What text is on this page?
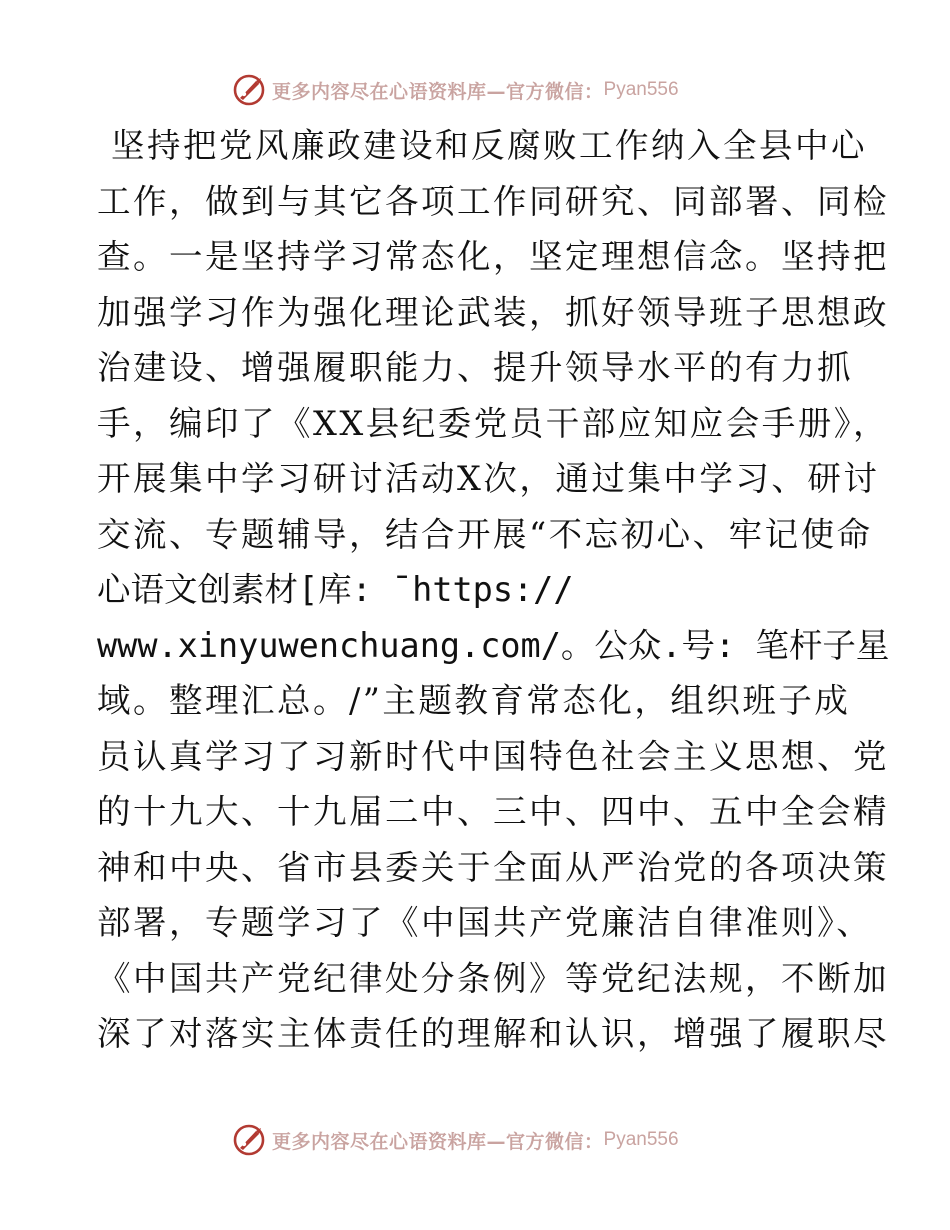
更多内容尽在心语资料库—官方微信： Pyan556
坚持把党风廉政建设和反腐败工作纳入全县中心
工作，做到与其它各项工作同研究、同部署、同检
查。一是坚持学习常态化，坚定理想信念。坚持把
加强学习作为强化理论武装，抓好领导班子思想政
治建设、增强履职能力、提升领导水平的有力抓
手，编印了《XX县纪委党员干部应知应会手册》，
开展集中学习研讨活动X次，通过集中学习、研讨
交流、专题辅导，结合开展“不忘初心、牢记使命
心语文创素材[库: ¯https://
www.xinyuwenchuang.com/。公众.号: 笔杆子星
域。整理汇总。/”主题教育常态化，组织班子成
员认真学习了习新时代中国特色社会主义思想、党
的十九大、十九届二中、三中、四中、五中全会精
神和中央、省市县委关于全面从严治党的各项决策
部署，专题学习了《中国共产党廉洁自律准则》、
《中国共产党纪律处分条例》等党纪法规，不断加
深了对落实主体责任的理解和认识，增强了履职尽
更多内容尽在心语资料库—官方微信： Pyan556
